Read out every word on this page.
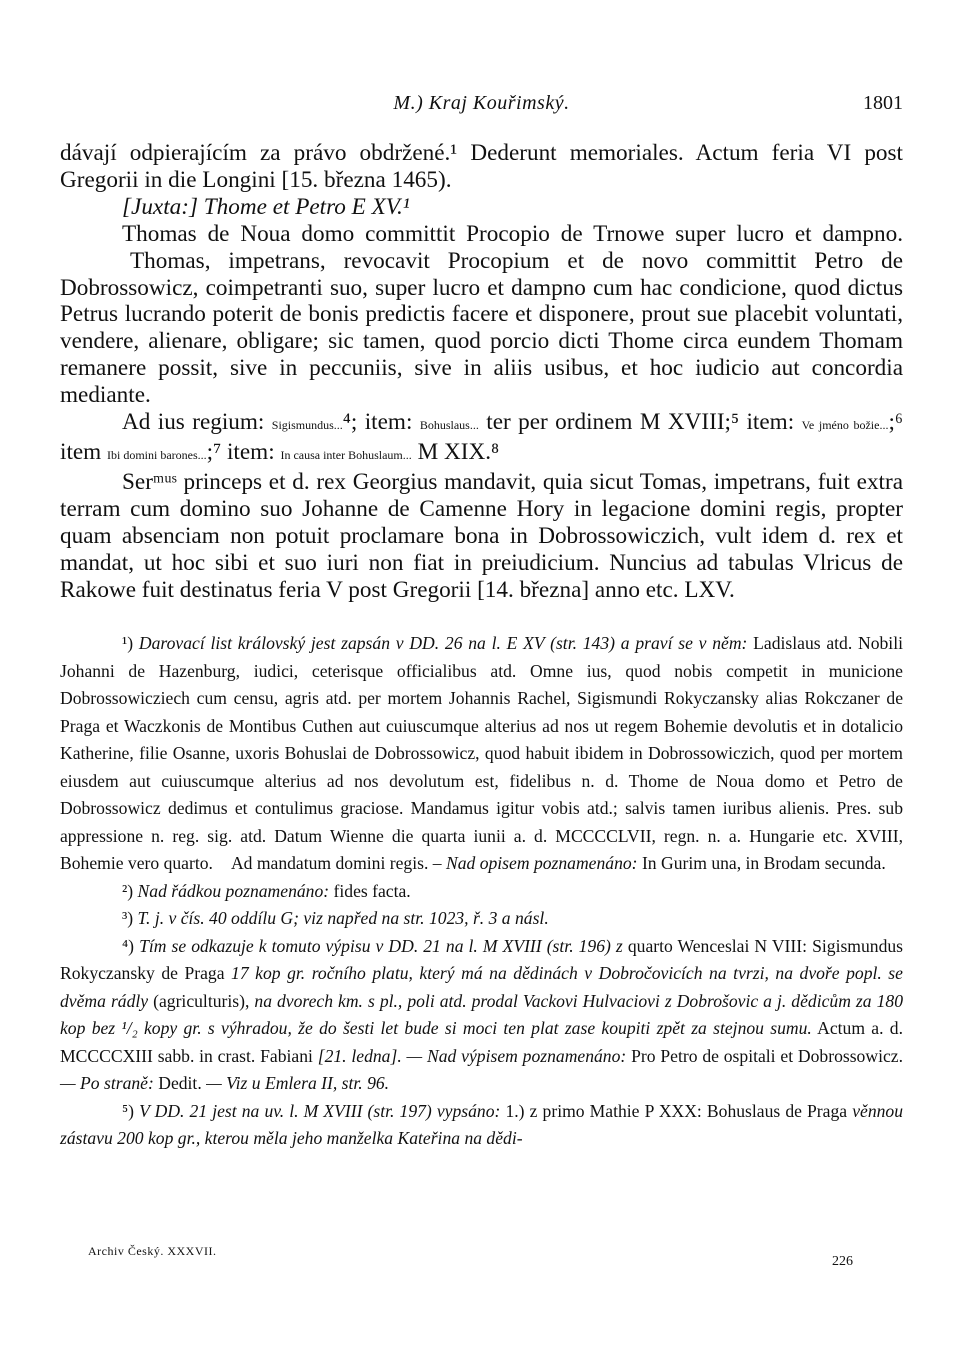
M.) Kraj Kouřimský.	1801

dávají odpierajícím za právo obdržené.¹ Dederunt memoriales. Actum feria VI post Gregorii in die Longini [15. března 1465).

[Juxta:] Thome et Petro E XV.¹

Thomas de Noua domo committit Procopio de Trnowe super lucro et dampno.Thomas, impetrans, revocavit Procopium et de novo committit Petro de Dobrossowicz, coimpetranti suo, super lucro et dampno cum hac condicione, quod dictus Petrus lucrando poterit de bonis predictis facere et disponere, prout sue placebit voluntati, vendere, alienare, obligare; sic tamen, quod porcio dicti Thome circa eundem Thomam remanere possit, sive in peccuniis, sive in aliis usibus, et hoc iudicio aut concordia mediante.

Ad ius regium: Sigismundus...⁴; item: Bohuslaus... ter per ordinem M XVIII;⁵ item: Ve jméno božie...;⁶ item Ibi domini barones...;⁷ item: In causa inter Bohuslaum... M XIX.⁸

Serᵐᵘˢ princeps et d. rex Georgius mandavit, quia sicut Tomas, impetrans, fuit extra terram cum domino suo Johanne de Camenne Hory in legacione domini regis, propter quam absenciam non potuit proclamare bona in Dobrossowiczich, vult idem d. rex et mandat, ut hoc sibi et suo iuri non fiat in preiudicium. Nuncius ad tabulas Vlricus de Rakowe fuit destinatus feria V post Gregorii [14. března] anno etc. LXV.

¹) Darovací list královský jest zapsán v DD. 26 na l. E XV (str. 143) a praví se v něm: Ladislaus atd. Nobili Johanni de Hazenburg, iudici, ceterisque officialibus atd. Omne ius, quod nobis competit in municione Dobrossowicziech cum censu, agris atd. per mortem Johannis Rachel, Sigismundi Rokyczansky alias Rokczaner de Praga et Waczkonis de Montibus Cuthen aut cuiuscumque alterius ad nos ut regem Bohemie devolutis et in dotalicio Katherine, filie Osanne, uxoris Bohuslai de Dobrossowicz, quod habuit ibidem in Dobrossowiczich, quod per mortem eiusdem aut cuiuscumque alterius ad nos devolutum est, fidelibus n. d. Thome de Noua domo et Petro de Dobrossowicz dedimus et contulimus graciose. Mandamus igitur vobis atd.; salvis tamen iuribus alienis. Pres. sub appressione n. reg. sig. atd. Datum Wienne die quarta iunii a. d. MCCCCLVII, regn. n. a. Hungarie etc. XVIII, Bohemie vero quarto. Ad mandatum domini regis. – Nad opisem poznamenáno: In Gurim una, in Brodam secunda.

²) Nad řádkou poznamenáno: fides facta.

³) T. j. v čís. 40 oddílu G; viz napřed na str. 1023, ř. 3 a násl.

⁴) Tím se odkazuje k tomuto výpisu v DD. 21 na l. M XVIII (str. 196) z quarto Wenceslai N VIII: Sigismundus Rokyczansky de Praga 17 kop gr. ročního platu, který má na dědinách v Dobročovicích na tvrzi, na dvoře popl. se dvěma rádly (agriculturis), na dvorech km. s pl., poli atd. prodal Vackovi Hulvaciovi z Dobrošovic a j. dědicům za 180 kop bez ¹/₂ kopy gr. s výhradou, že do šesti let bude si moci ten plat zase koupiti zpět za stejnou sumu. Actum a. d. MCCCCXIII sabb. in crast. Fabiani [21. ledna]. — Nad výpisem poznamenáno: Pro Petro de ospitali et Dobrossowicz. — Po straně: Dedit. — Viz u Emlera II, str. 96.

⁵) V DD. 21 jest na uv. l. M XVIII (str. 197) vypsáno: 1.) z primo Mathie P XXX: Bohuslaus de Praga věnnou zástavu 200 kop gr., kterou měla jeho manželka Kateřina na dědi-

Archiv Český. XXXVII.
226
